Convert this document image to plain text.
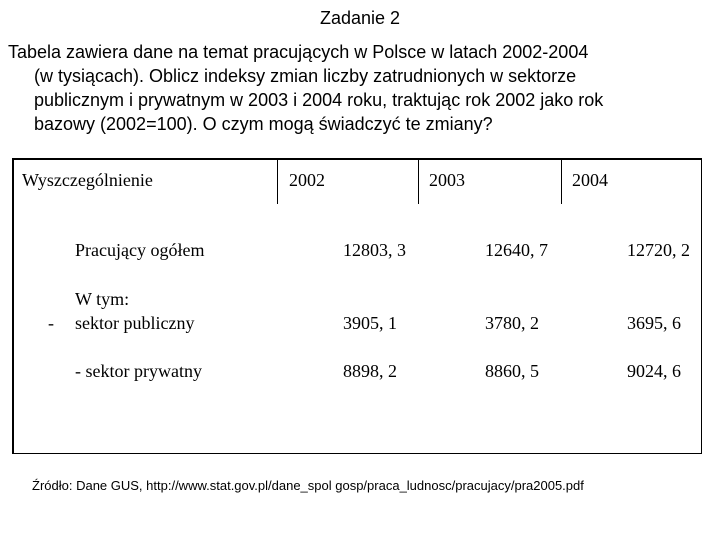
Zadanie 2
Tabela zawiera dane na temat pracujących w Polsce w latach 2002-2004
(w tysiącach). Oblicz indeksy zmian liczby zatrudnionych w sektorze
publicznym i prywatnym w 2003 i 2004 roku, traktując rok 2002 jako rok
bazowy (2002=100). O czym mogą świadczyć te zmiany?
Wyszczególnienie	2002	2003	2004
Pracujący ogółem	12803, 3	12640, 7	12720, 2
W tym:
- sektor publiczny	3905, 1	3780, 2	3695, 6
- sektor prywatny	8898, 2	8860, 5	9024, 6
Źródło: Dane GUS, http://www.stat.gov.pl/dane_spol gosp/praca_ludnosc/pracujacy/pra2005.pdf
